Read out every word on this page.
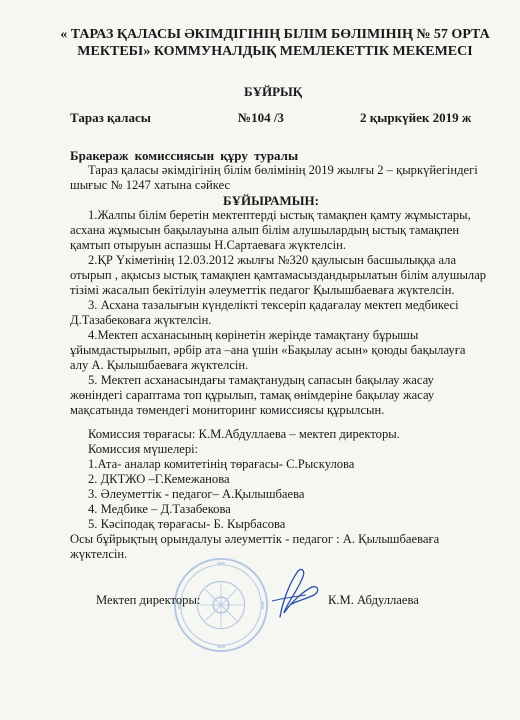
« ТАРАЗ ҚАЛАСЫ ӘКІМДІГІНІҢ БІЛІМ БӨЛІМІНІҢ № 57 ОРТА
МЕКТЕБІ» КОММУНАЛДЫҚ МЕМЛЕКЕТТІК МЕКЕМЕСІ
БҰЙРЫҚ
Тараз қаласы	№104 /3	2 қыркүйек 2019 ж
Бракераж комиссиясын құру туралы
Тараз қаласы әкімдігінің білім бөлімінің 2019 жылғы 2 – қыркүйегіндегі
шығыс № 1247 хатына сәйкес
БҰЙЫРАМЫН:
1.Жалпы білім беретін мектептерді ыстық тамақпен қамту жұмыстары,
асхана жұмысын бақылауына алып білім алушылардың ыстық тамақпен
қамтып отыруын аспазшы Н.Сартаеваға жүктелсін.
2.ҚР Үкіметінің 12.03.2012 жылғы №320 қаулысын басшылыққа ала
отырып , ақысыз ыстық тамақпен қамтамасыздандырылатын білім алушылар
тізімі жасалып бекітілуін әлеуметтік педагог Қылышбаеваға жүктелсін.
3. Асхана тазалығын күнделікті тексеріп қадағалау мектеп медбикесі
Д.Тазабековаға жүктелсін.
4.Мектеп асханасының көрінетін жерінде тамақтану бұрышы
ұйымдастырылып, әрбір ата –ана үшін «Бақылау асын» қоюды бақылауға
алу А. Қылышбаеваға жүктелсін.
5. Мектеп асханасындағы тамақтанудың сапасын бақылау жасау
жөніндегі сараптама топ құрылып, тамақ өнімдеріне бақылау жасау
мақсатында төмендегі мониторинг комиссиясы құрылсын.
Комиссия төрағасы: К.М.Абдуллаева – мектеп директоры.
Комиссия мүшелері:
1.Ата- аналар комитетінің төрағасы- С.Рыскулова
2. ДКТЖО –Г.Кемежанова
3. Әлеуметтік - педагог– А.Қылышбаева
4. Медбике – Д.Тазабекова
5. Кәсіподақ төрағасы- Б. Кырбасова
Осы бұйрықтың орындалуы әлеуметтік - педагог : А. Қылышбаеваға
жүктелсін.
Мектеп директоры:	К.М. Абдуллаева
